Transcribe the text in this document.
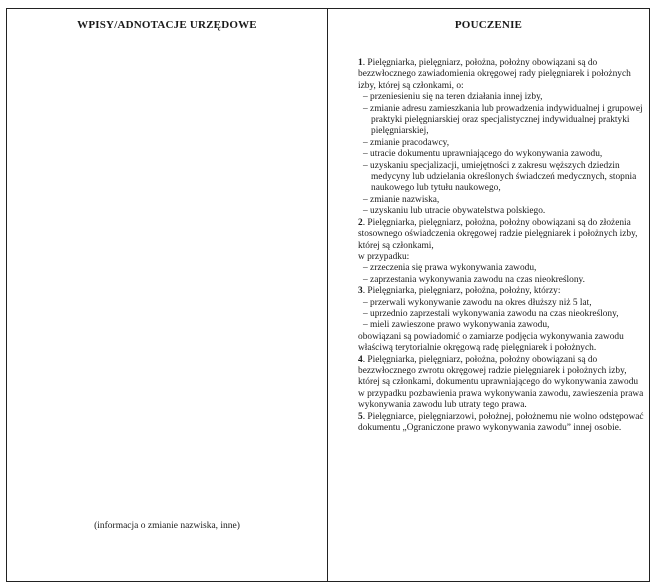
WPISY/ADNOTACJE URZĘDOWE
(informacja o zmianie nazwiska, inne)
POUCZENIE

1. Pielęgniarka, pielęgniarz, położna, położny obowiązani są do bezzwłocznego zawiadomienia okręgowej rady pielęgniarek i położnych izby, której są członkami, o:

– przeniesieniu się na teren działania innej izby,

– zmianie adresu zamieszkania lub prowadzenia indywidualnej i grupowej praktyki pielęgniarskiej oraz specjalistycznej indywidualnej praktyki pielęgniarskiej,

– zmianie pracodawcy,

– utracie dokumentu uprawniającego do wykonywania zawodu,

– uzyskaniu specjalizacji, umiejętności z zakresu węższych dziedzin medycyny lub udzielania określonych świadczeń medycznych, stopnia naukowego lub tytułu naukowego,

– zmianie nazwiska,

– uzyskaniu lub utracie obywatelstwa polskiego.

2. Pielęgniarka, pielęgniarz, położna, położny obowiązani są do złożenia stosownego oświadczenia okręgowej radzie pielęgniarek i położnych izby, której są członkami,

w przypadku:

– zrzeczenia się prawa wykonywania zawodu,

– zaprzestania wykonywania zawodu na czas nieokreślony.

3. Pielęgniarka, pielęgniarz, położna, położny, którzy:

– przerwali wykonywanie zawodu na okres dłuższy niż 5 lat,

– uprzednio zaprzestali wykonywania zawodu na czas nieokreślony,

– mieli zawieszone prawo wykonywania zawodu,

obowiązani są powiadomić o zamiarze podjęcia wykonywania zawodu właściwą terytorialnie okręgową radę pielęgniarek i położnych.

4. Pielęgniarka, pielęgniarz, położna, położny obowiązani są do bezzwłocznego zwrotu okręgowej radzie pielęgniarek i położnych izby, której są członkami, dokumentu uprawniającego do wykonywania zawodu w przypadku pozbawienia prawa wykonywania zawodu, zawieszenia prawa wykonywania zawodu lub utraty tego prawa.

5. Pielęgniarce, pielęgniarzowi, położnej, położnemu nie wolno odstępować dokumentu „Ograniczone prawo wykonywania zawodu” innej osobie.
